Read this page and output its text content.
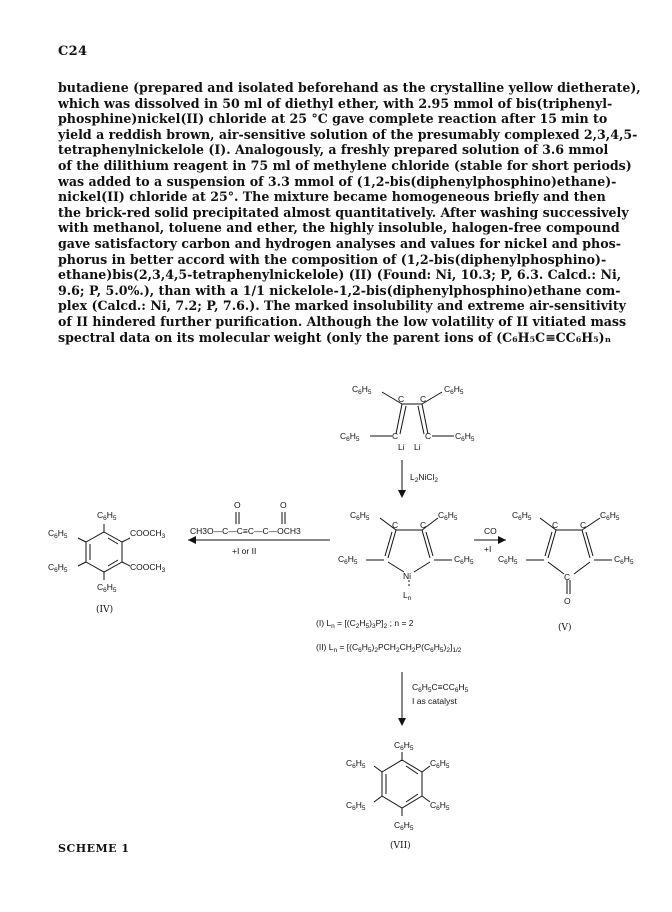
C24
butadiene (prepared and isolated beforehand as the crystalline yellow dietherate),
which was dissolved in 50 ml of diethyl ether, with 2.95 mmol of bis(triphenyl-
phosphine)nickel(II) chloride at 25 °C gave complete reaction after 15 min to
yield a reddish brown, air-sensitive solution of the presumably complexed 2,3,4,5-
tetraphenylnickelole (I). Analogously, a freshly prepared solution of 3.6 mmol
of the dilithium reagent in 75 ml of methylene chloride (stable for short periods)
was added to a suspension of 3.3 mmol of (1,2-bis(diphenylphosphino)ethane)-
nickel(II) chloride at 25°. The mixture became homogeneous briefly and then
the brick-red solid precipitated almost quantitatively. After washing successively
with methanol, toluene and ether, the highly insoluble, halogen-free compound
gave satisfactory carbon and hydrogen analyses and values for nickel and phos-
phorus in better accord with the composition of (1,2-bis(diphenylphosphino)-
ethane)bis(2,3,4,5-tetraphenylnickelole) (II) (Found: Ni, 10.3; P, 6.3. Calcd.: Ni,
9.6; P, 5.0%.), than with a 1/1 nickelole-1,2-bis(diphenylphosphino)ethane com-
plex (Calcd.: Ni, 7.2; P, 7.6.). The marked insolubility and extreme air-sensitivity
of II hindered further purification. Although the low volatility of II vitiated mass
spectral data on its molecular weight (only the parent ions of (C₆H₅C≡CC₆H₅)ₙ
$C_6H_5$	$C_6H_5$
C C
$C_6H_5$	C	C	$C_6H_5$
Li Li
$L_2NiCl_2$
$C_6H_5$	$C_6H_5$
C	C
$C_6H_5$	$C_6H_5$
Ni
$L_n$
O	O
CH3O—C—C≡C—C—OCH3
+I or II
$C_6H_5$
$C_6H_5$
$C_6H_5$
$COOCH_3$
$COOCH_3$
$C_6H_5$
(IV)
CO
+I
$C_6H_5$	$C_6H_5$
C	C
$C_6H_5$	$C_6H_5$
C
O
(V)
(I) $L_n = [(C_2H_5)_3P]_2$ ; n = 2
(II) $L_n = [(C_6H_5)_2PCH_2CH_2P(C_6H_5)_2]_{1/2}$
$C_6H_5C\equiv CC_6H_5$
I as catalyst
$C_6H_5$
$C_6H_5$	$C_6H_5$
$C_6H_5$	$C_6H_5$
$C_6H_5$
(VII)
SCHEME 1
